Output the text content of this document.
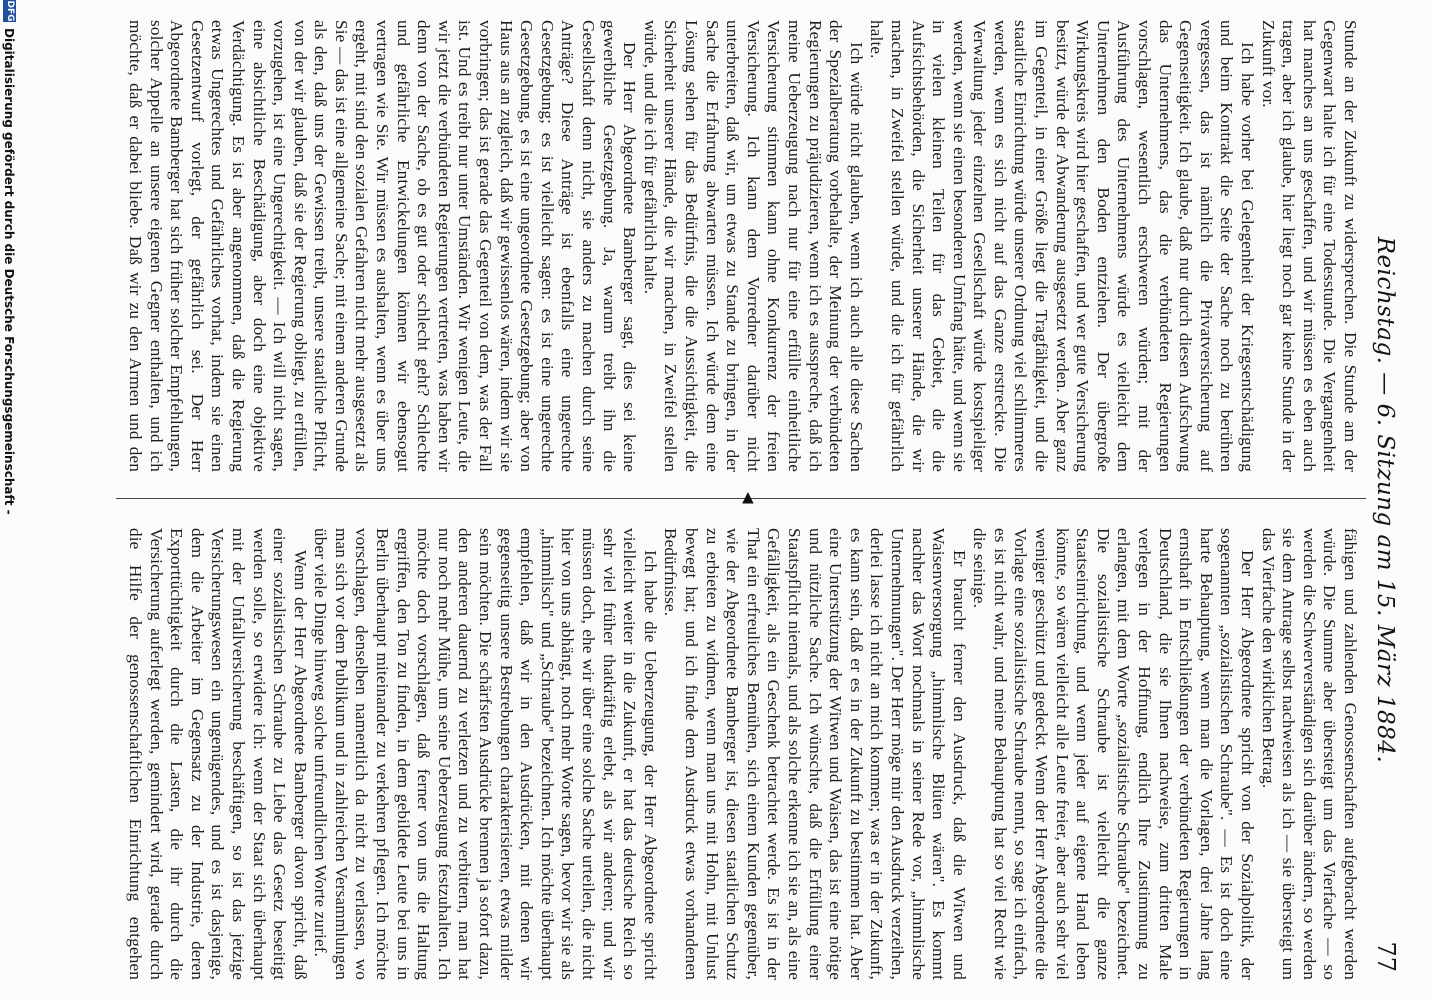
Reichstag. — 6. Sitzung am 15. März 1884.
77

Stunde an der Zukunft zu widersprechen. Die Stunde am der Gegenwart halte ich für eine Todesstunde. Die Vergangenheit hat manches an uns geschaffen, und wir müssen es eben auch tragen, aber ich glaube, hier liegt noch gar keine Stunde in der Zukunft vor.

Ich habe vorher bei Gelegenheit der Kriegsentschädigung und beim Kontrakt die Seite der Sache noch zu berühren vergessen, das ist nämlich die Privatversicherung auf Gegenseitigkeit. Ich glaube, daß nur durch diesen Aufschwung das Unternehmens, das die verbündeten Regierungen vorschlagen, wesentlich erschweren würden; mit der Ausführung des Unternehmens würde es vielleicht dem Unternehmen den Boden entziehen. Der übergroße Wirkungskreis wird hier geschaffen, und wer gute Versicherung besitzt, würde der Abwanderung ausgesetzt werden. Aber ganz im Gegenteil, in einer Größe liegt die Tragfähigkeit, und die staatliche Einrichtung würde unserer Ordnung viel schlimmeres werden, wenn es sich nicht auf das Ganze erstreckte. Die Verwaltung jeder einzelnen Gesellschaft würde kostspieliger werden, wenn sie einen besonderen Umfang hätte, und wenn sie in vielen kleinen Teilen für das Gebiet, die die Aufsichtsbehörden, die Sicherheit unserer Hände, die wir machen, in Zweifel stellen würde, und die ich für gefährlich halte.

Ich würde nicht glauben, wenn ich auch alle diese Sachen der Spezialberatung vorbehalte, der Meinung der verbündeten Regierungen zu präjudizieren, wenn ich es ausspreche, daß ich meine Ueberzeugung nach nur für eine erfüllte einheitliche Versicherung stimmen kann ohne Konkurrenz der freien Versicherung. Ich kann dem Vorredner darüber nicht unterbreiten, daß wir, um etwas zu Stande zu bringen, in der Sache die Erfahrung abwarten müssen. Ich würde dem eine Lösung sehen für das Bedürfnis, die die Aussichtigkeit, die Sicherheit unserer Hände, die wir machen, in Zweifel stellen würde, und die ich für gefährlich halte.

Der Herr Abgeordnete Bamberger sagt, dies sei keine gewerbliche Gesetzgebung. Ja, warum treibt ihn die Gesellschaft denn nicht, sie anders zu machen durch seine Anträge? Diese Anträge ist ebenfalls eine ungerechte Gesetzgebung; es ist vielleicht sagen: es ist eine ungerechte Gesetzgebung, es ist eine ungeordnete Gesetzgebung; aber von Haus aus an zugleich, daß wir gewissenlos wären, indem wir sie vorbringen; das ist gerade das Gegenteil von dem, was der Fall ist. Und es treibt nur unter Umständen. Wir wenigen Leute, die wir jetzt die verbündeten Regierungen vertreten, was haben wir denn von der Sache, ob es gut oder schlecht geht? Schlechte und gefährliche Entwickelungen können wir ebensogut vertragen wie Sie. Wir müssen es aushalten, wenn es über uns ergeht, mit sind den sozialen Gefahren nicht mehr ausgesetzt als Sie — das ist eine allgemeine Sache; mit einem anderen Grunde als den, daß uns der Gewissen treibt, unsere staatliche Pflicht, von der wir glauben, daß sie der Regierung obliegt, zu erfüllen, vorzugehen, ist eine Ungerechtigkeit. — Ich will nicht sagen, eine absichtliche Beschädigung, aber doch eine objektive Verdächtigung. Es ist aber angenommen, daß die Regierung etwas Ungerechtes und Gefährliches vorhat, indem sie einen Gesetzentwurf vorlegt, der gefährlich sei. Der Herr Abgeordnete Bamberger hat sich früher solcher Empfehlungen, solcher Appelle an unsere eigenen Gegner enthalten, und ich möchte, daß er dabei bliebe. Daß wir zu den Armen und den

◀

fähigen und zahlenden Genossenschaften aufgebracht werden würde. Die Summe aber übersteigt um das Vierfache — so werden die Schwerverständigen sich darüber ändern, so werden sie dem Antrage selbst nachweisen als ich — sie übersteigt um das Vierfache den wirklichen Betrag.

Der Herr Abgeordnete spricht von der Sozialpolitik, der sogenannten „sozialistischen Schraube". — Es ist doch eine harte Behauptung, wenn man die Vorlagen, drei Jahre lang ernsthaft in Entschließungen der verbündeten Regierungen in Deutschland, die sie Ihnen nachweise, zum dritten Male verlegen in der Hoffnung, endlich Ihre Zustimmung zu erlangen, mit dem Worte „sozialistische Schraube" bezeichnet. Die sozialistische Schraube ist vielleicht die ganze Staatseinrichtung, und wenn jeder auf eigene Hand leben könnte, so wären vielleicht alle Leute freier, aber auch sehr viel weniger geschützt und gedeckt. Wenn der Herr Abgeordnete die Vorlage eine sozialistische Schraube nennt, so sage ich einfach, es ist nicht wahr, und meine Behauptung hat so viel Recht wie die seinige.

Er braucht ferner den Ausdruck, daß die Witwen und Waisenversorgung „himmlische Blüten wären". Es kommt nachher das Wort nochmals in seiner Rede vor, „himmlische Unternehmungen". Der Herr möge mir den Ausdruck verzeihen, derlei lasse ich nicht an mich kommen; was er in der Zukunft, es kann sein, daß er es in der Zukunft zu bestimmen hat. Aber eine Unterstützung der Witwen und Waisen, das ist eine nötige und nützliche Sache. Ich wünschte, daß die Erfüllung einer Staatspflicht niemals, und als solche erkenne ich sie an, als eine Gefälligkeit, als ein Geschenk betrachtet werde. Es ist in der That ein erfreuliches Bemühen, sich einem Kunden gegenüber, wie der Abgeordnete Bamberger ist, diesen staatlichen Schutz zu erbieten zu widmen, wenn man uns mit Hohn, mit Unlust bewegt hat; und ich finde dem Ausdruck etwas vorhandenen Bedürfnisse.

Ich habe die Ueberzeugung, der Herr Abgeordnete spricht vielleicht weiter in die Zukunft, er hat das deutsche Reich so sehr viel früher thatkräftig erlebt, als wir anderen; und wir müssen doch, ehe wir über eine solche Sache urteilen, die nicht hier von uns abhängt, noch mehr Worte sagen, bevor wir sie als „himmlisch" und „Schraube" bezeichnen. Ich möchte überhaupt empfehlen, daß wir in den Ausdrücken, mit denen wir gegenseitig unsere Bestrebungen charakterisieren, etwas milder sein möchten. Die schärfsten Ausdrücke brennen ja sofort dazu, den anderen dauernd zu verletzen und zu verbittern, man hat nur noch mehr Mühe, um seine Ueberzeugung festzuhalten. Ich möchte doch vorschlagen, daß ferner von uns die Haltung ergriffen, den Ton zu finden, in dem gebildete Leute bei uns in Berlin überhaupt miteinander zu verkehren pflegen. Ich möchte vorschlagen, denselben namentlich da nicht zu verlassen, wo man sich vor dem Publikum und in zahlreichen Versammlungen über viele Dinge hinweg solche unfreundlichen Worte zurief.

Wenn der Herr Abgeordnete Bamberger davon spricht, daß einer sozialistischen Schraube zu Liebe das Gesetz beseitigt werden solle, so erwidere ich: wenn der Staat sich überhaupt mit der Unfallversicherung beschäftigen, so ist das jetzige Versicherungswesen ein ungenügendes, und es ist dasjenige, dem die Arbeiter im Gegensatz zu der Industrie, deren Exporttüchtigkeit durch die Lasten, die ihr durch die Versicherung auferlegt werden, gemindert wird, gerade durch die Hilfe der genossenschaftlichen Einrichtung entgehen

DFG
Digitalisierung gefördert durch die Deutsche Forschungsgemeinschaft -
